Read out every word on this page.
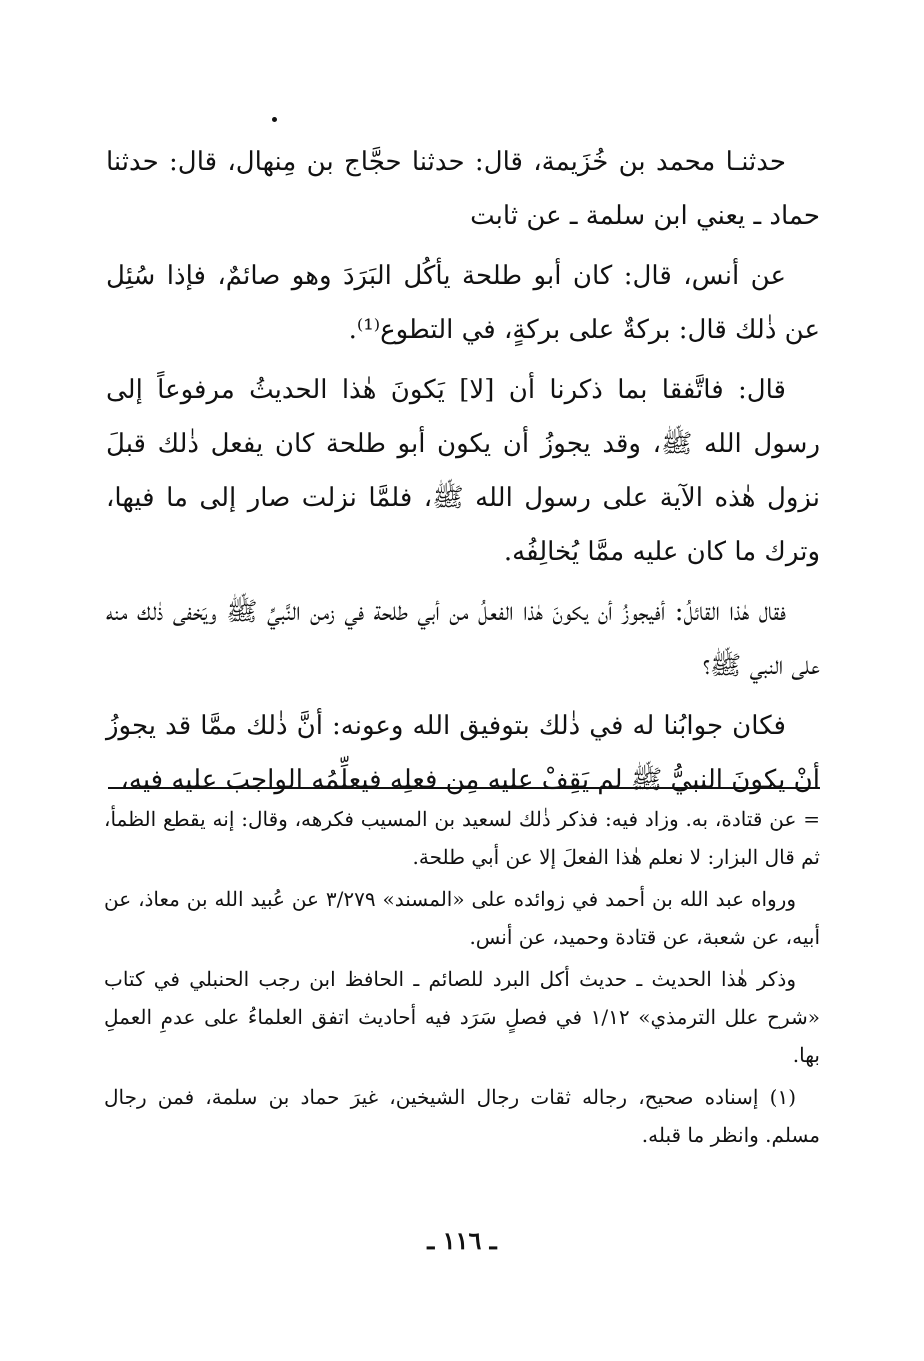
حدثنـا محمد بن خُزَيمة، قال: حدثنا حجَّاج بن مِنهال، قال: حدثنا حماد ـ يعني ابن سلمة ـ عن ثابت

عن أنس، قال: كان أبو طلحة يأكُل البَرَدَ وهو صائمٌ، فإذا سُئِل عن ذٰلك قال: بركةٌ على بركةٍ، في التطوع⁽¹⁾.

قال: فاتَّفقا بما ذكرنا أن [لا] يَكونَ هٰذا الحديثُ مرفوعاً إلى رسول الله ﷺ، وقد يجوزُ أن يكون أبو طلحة كان يفعل ذٰلك قبلَ نزول هٰذه الآية على رسول الله ﷺ، فلمَّا نزلت صار إلى ما فيها، وترك ما كان عليه ممَّا يُخالِفُه.

فقال هٰذا القائلُ: أفيجوزُ أن يكونَ هٰذا الفعلُ من أبي طلحة في زمن النَّبيِّ ﷺ ويَخفى ذٰلك منه على النبي ﷺ؟

فكان جوابُنا له في ذٰلك بتوفيق الله وعونه: أنَّ ذٰلك ممَّا قد يجوزُ أنْ يكونَ النبيُّ ﷺ لم يَقِفْ عليه مِن فعلِه فيعلِّمُه الواجبَ عليه فيه،

= عن قتادة، به. وزاد فيه: فذكر ذٰلك لسعيد بن المسيب فكرهه، وقال: إنه يقطع الظمأ، ثم قال البزار: لا نعلم هٰذا الفعلَ إلا عن أبي طلحة.

ورواه عبد الله بن أحمد في زوائده على «المسند» ٣/٢٧٩ عن عُبيد الله بن معاذ، عن أبيه، عن شعبة، عن قتادة وحميد، عن أنس.

وذكر هٰذا الحديث ـ حديث أكل البرد للصائم ـ الحافظ ابن رجب الحنبلي في كتاب «شرح علل الترمذي» ١/١٢ في فصلٍ سَرَد فيه أحاديث اتفق العلماءُ على عدمِ العملِ بها.

(١) إسناده صحيح، رجاله ثقات رجال الشيخين، غيرَ حماد بن سلمة، فمن رجال مسلم. وانظر ما قبله.

ـ ١١٦ ـ
